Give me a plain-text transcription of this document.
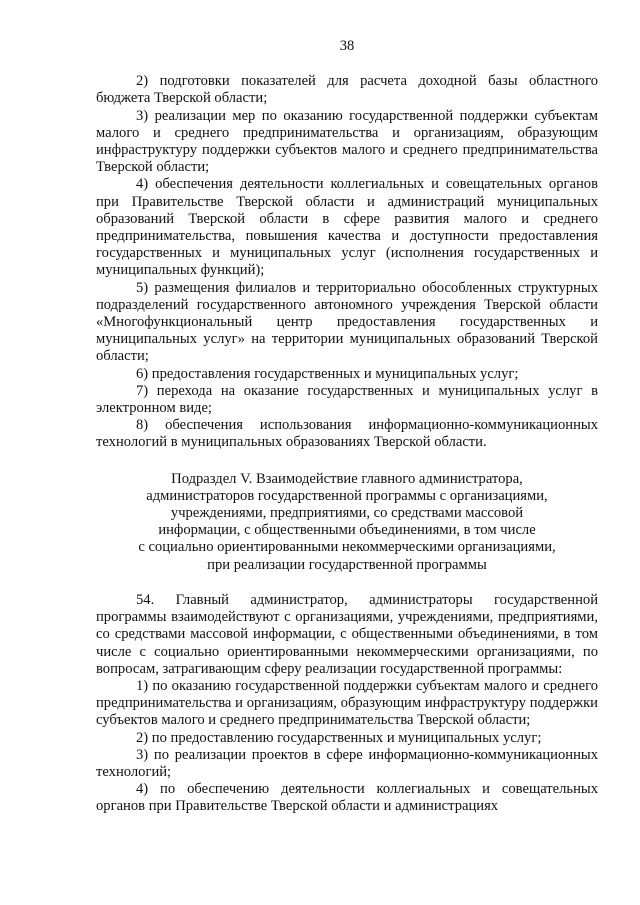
38

2) подготовки показателей для расчета доходной базы областного бюджета Тверской области;

3) реализации мер по оказанию государственной поддержки субъектам малого и среднего предпринимательства и организациям, образующим инфраструктуру поддержки субъектов малого и среднего предпринимательства Тверской области;

4) обеспечения деятельности коллегиальных и совещательных органов при Правительстве Тверской области и администраций муниципальных образований Тверской области в сфере развития малого и среднего предпринимательства, повышения качества и доступности предоставления государственных и муниципальных услуг (исполнения государственных и муниципальных функций);

5) размещения филиалов и территориально обособленных структурных подразделений государственного автономного учреждения Тверской области «Многофункциональный центр предоставления государственных и муниципальных услуг» на территории муниципальных образований Тверской области;

6) предоставления государственных и муниципальных услуг;

7) перехода на оказание государственных и муниципальных услуг в электронном виде;

8) обеспечения использования информационно-коммуникационных технологий в муниципальных образованиях Тверской области.

Подраздел V. Взаимодействие главного администратора,
администраторов государственной программы с организациями,
учреждениями, предприятиями, со средствами массовой
информации, с общественными объединениями, в том числе
с социально ориентированными некоммерческими организациями,
при реализации государственной программы

54. Главный администратор, администраторы государственной программы взаимодействуют с организациями, учреждениями, предприятиями, со средствами массовой информации, с общественными объединениями, в том числе с социально ориентированными некоммерческими организациями, по вопросам, затрагивающим сферу реализации государственной программы:

1) по оказанию государственной поддержки субъектам малого и среднего предпринимательства и организациям, образующим инфраструктуру поддержки субъектов малого и среднего предпринимательства Тверской области;

2) по предоставлению государственных и муниципальных услуг;

3) по реализации проектов в сфере информационно-коммуникационных технологий;

4) по обеспечению деятельности коллегиальных и совещательных органов при Правительстве Тверской области и администрациях
